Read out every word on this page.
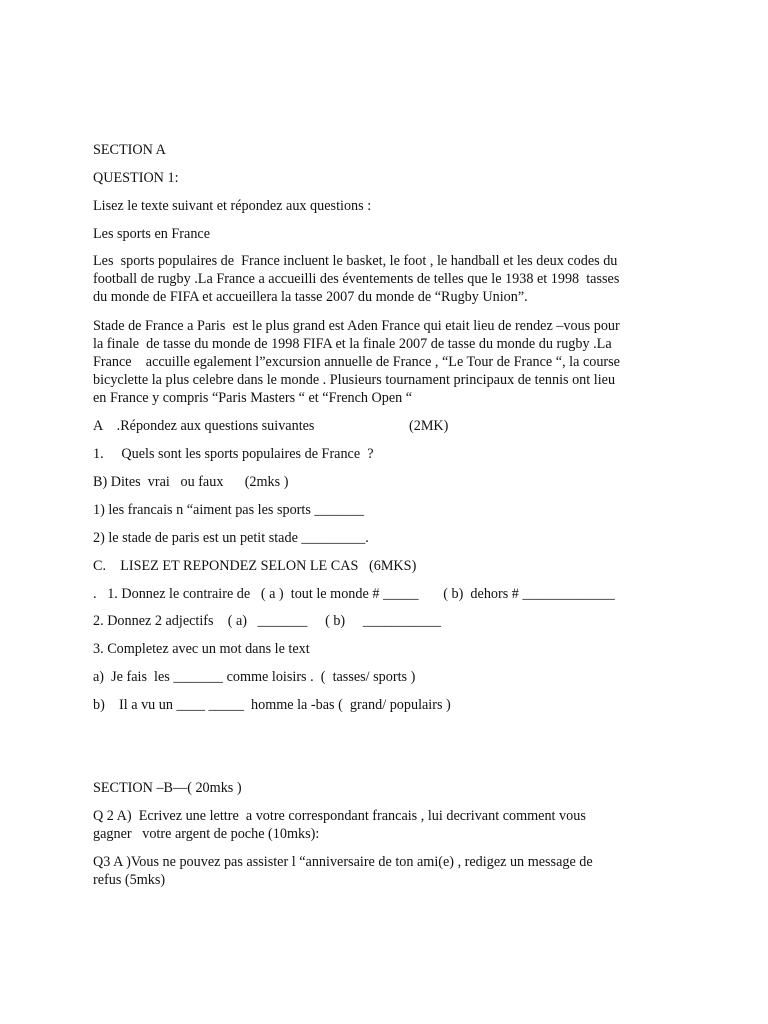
SECTION A
QUESTION 1:
Lisez le texte suivant et répondez aux questions :
Les sports en France
Les  sports populaires de  France incluent le basket, le foot , le handball et les deux codes du
football de rugby .La France a accueilli des éventements de telles que le 1938 et 1998  tasses
du monde de FIFA et accueillera la tasse 2007 du monde de “Rugby Union”.
Stade de France a Paris  est le plus grand est Aden France qui etait lieu de rendez –vous pour
la finale  de tasse du monde de 1998 FIFA et la finale 2007 de tasse du monde du rugby .La
France    accuille egalement l”excursion annuelle de France , “Le Tour de France “, la course
bicyclette la plus celebre dans le monde . Plusieurs tournament principaux de tennis ont lieu
en France y compris “Paris Masters “ et “French Open “
A    .Répondez aux questions suivantes	(2MK)
1.     Quels sont les sports populaires de France  ?
B) Dites  vrai   ou faux      (2mks )
1) les francais n “aiment pas les sports _______
2) le stade de paris est un petit stade _________.
C.    LISEZ ET REPONDEZ SELON LE CAS   (6MKS)
.   1. Donnez le contraire de   ( a )  tout le monde # _____       ( b)  dehors # _____________
2. Donnez 2 adjectifs    ( a)   _______     ( b)     ___________
3. Completez avec un mot dans le text
a)  Je fais  les _______ comme loisirs .  (  tasses/ sports )
b)    Il a vu un ____ _____  homme la -bas (  grand/ populairs )
SECTION –B—( 20mks )
Q 2 A)  Ecrivez une lettre  a votre correspondant francais , lui decrivant comment vous
gagner   votre argent de poche (10mks):
Q3 A )Vous ne pouvez pas assister l “anniversaire de ton ami(e) , redigez un message de
refus (5mks)
